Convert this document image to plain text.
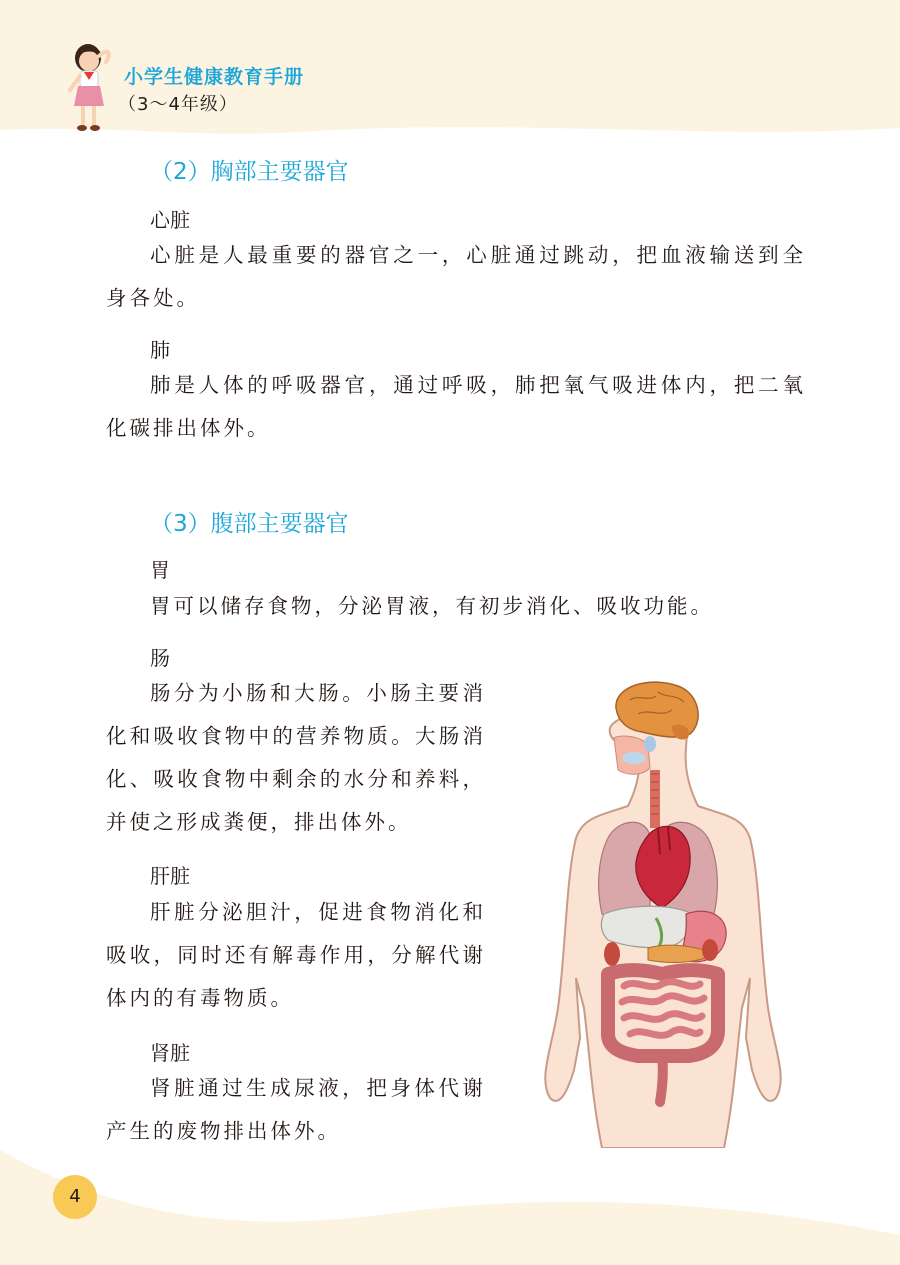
小学生健康教育手册
（3～4年级）
（2）胸部主要器官
心脏
心脏是人最重要的器官之一，心脏通过跳动，把血液输送到全身各处。
肺
肺是人体的呼吸器官，通过呼吸，肺把氧气吸进体内，把二氧化碳排出体外。
（3）腹部主要器官
胃
胃可以储存食物，分泌胃液，有初步消化、吸收功能。
肠
肠分为小肠和大肠。小肠主要消化和吸收食物中的营养物质。大肠消化、吸收食物中剩余的水分和养料，并使之形成粪便，排出体外。
肝脏
肝脏分泌胆汁，促进食物消化和吸收，同时还有解毒作用，分解代谢体内的有毒物质。
肾脏
肾脏通过生成尿液，把身体代谢产生的废物排出体外。
4
